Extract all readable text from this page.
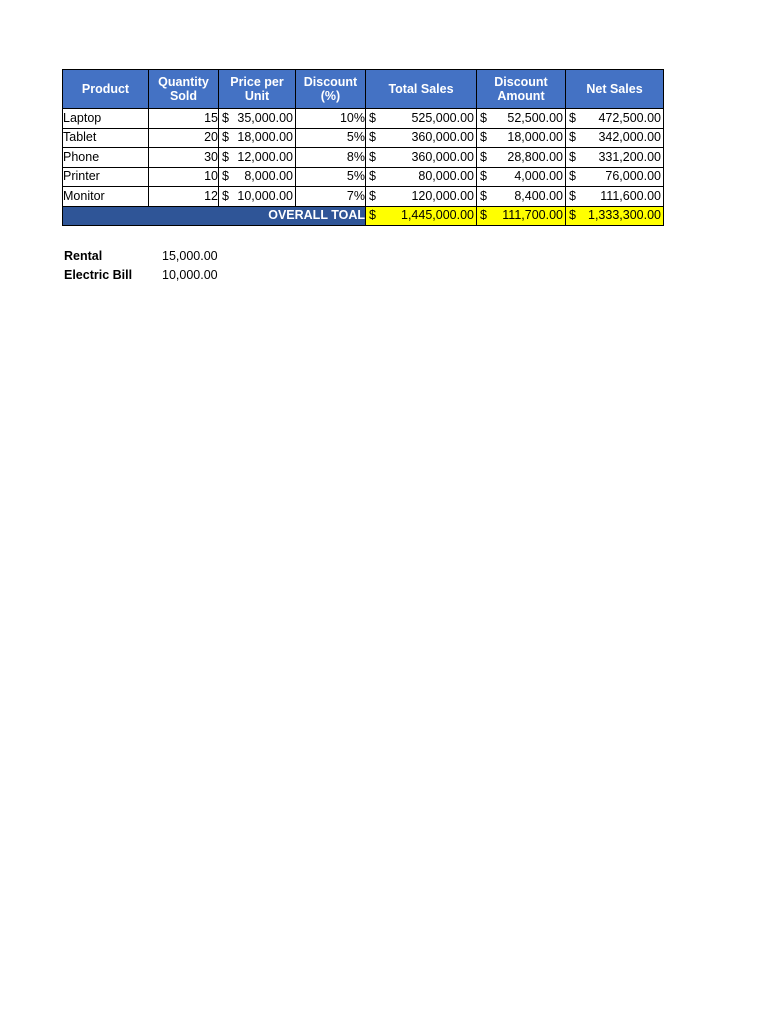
Product	Quantity Sold	Price per Unit	Discount (%)	Total Sales	Discount Amount	Net Sales
Laptop	15	$ 35,000.00	10%	$ 525,000.00	$ 52,500.00	$ 472,500.00

Tablet	20	$ 18,000.00	5%	$ 360,000.00	$ 18,000.00	$ 342,000.00

Phone	30	$ 12,000.00	8%	$ 360,000.00	$ 28,800.00	$ 331,200.00

Printer	10	$ 8,000.00	5%	$ 80,000.00	$ 4,000.00	$ 76,000.00

Monitor	12	$ 10,000.00	7%	$ 120,000.00	$ 8,400.00	$ 111,600.00

OVERALL TOAL				$ 1,445,000.00	$ 111,700.00	$ 1,333,300.00
Rental	15,000.00
Electric Bill	10,000.00
